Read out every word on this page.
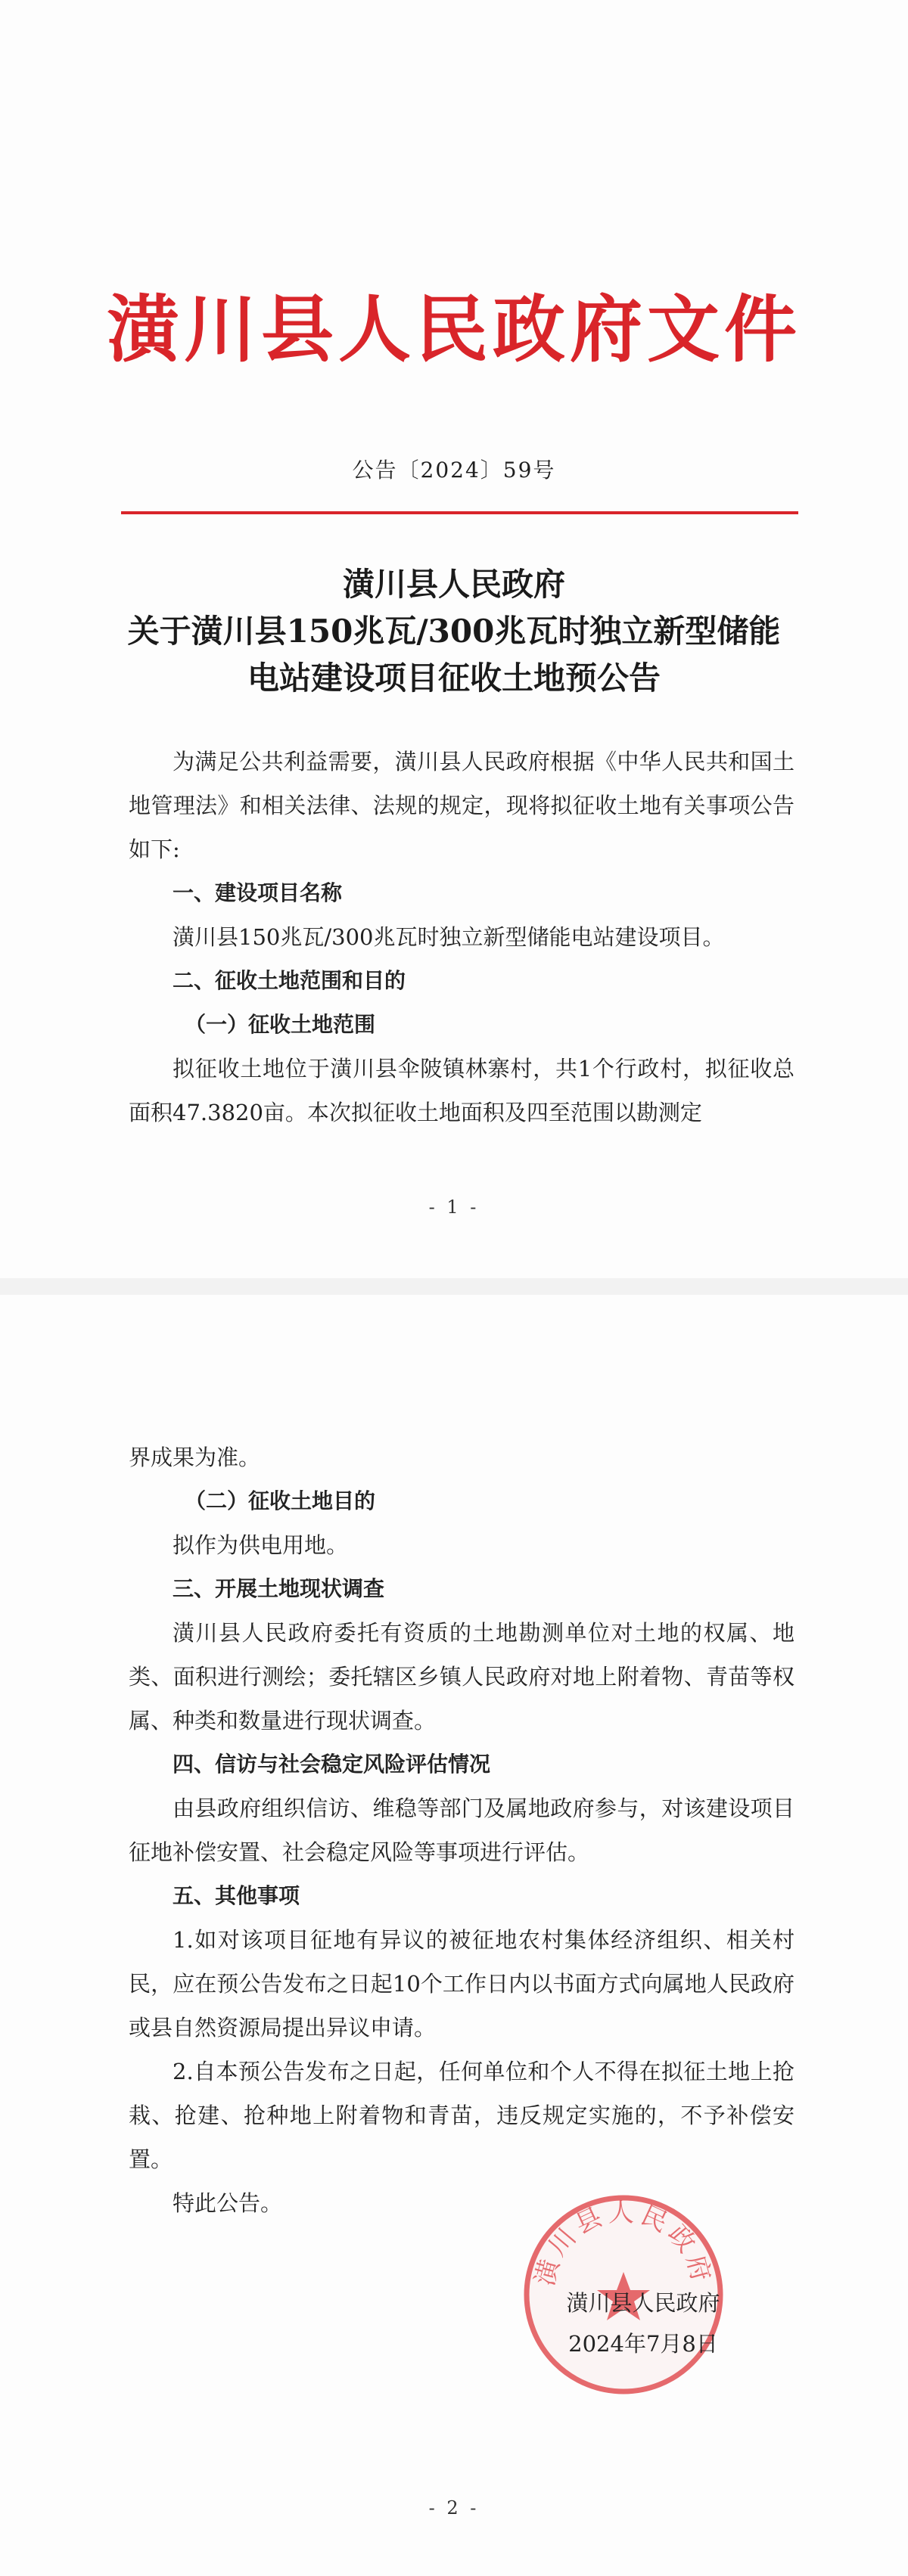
潢川县人民政府文件
公告〔2024〕59号
潢川县人民政府
关于潢川县150兆瓦/300兆瓦时独立新型储能
电站建设项目征收土地预公告

为满足公共利益需要，潢川县人民政府根据《中华人民共和国土地管理法》和相关法律、法规的规定，现将拟征收土地有关事项公告如下:

一、建设项目名称

潢川县150兆瓦/300兆瓦时独立新型储能电站建设项目。

二、征收土地范围和目的

（一）征收土地范围

拟征收土地位于潢川县伞陂镇林寨村，共1个行政村，拟征收总面积47.3820亩。本次拟征收土地面积及四至范围以勘测定

- 1 -

界成果为准。

（二）征收土地目的

拟作为供电用地。

三、开展土地现状调查

潢川县人民政府委托有资质的土地勘测单位对土地的权属、地类、面积进行测绘；委托辖区乡镇人民政府对地上附着物、青苗等权属、种类和数量进行现状调查。

四、信访与社会稳定风险评估情况

由县政府组织信访、维稳等部门及属地政府参与，对该建设项目征地补偿安置、社会稳定风险等事项进行评估。

五、其他事项

1.如对该项目征地有异议的被征地农村集体经济组织、相关村民，应在预公告发布之日起10个工作日内以书面方式向属地人民政府或县自然资源局提出异议申请。

2.自本预公告发布之日起，任何单位和个人不得在拟征土地上抢栽、抢建、抢种地上附着物和青苗，违反规定实施的，不予补偿安置。

特此公告。

潢川县人民政府
潢川县人民政府
2024年7月8日
- 2 -
